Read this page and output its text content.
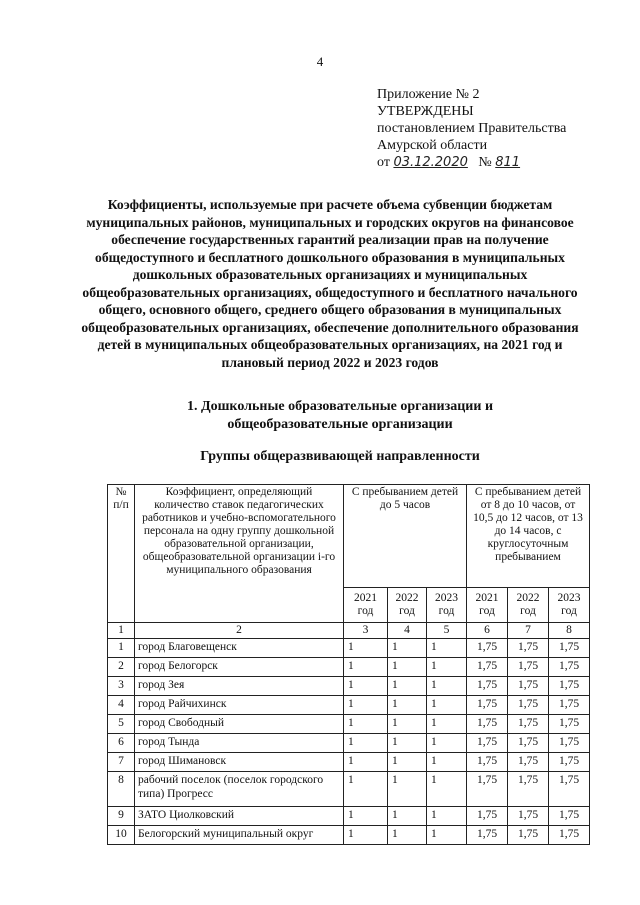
4
Приложение № 2
УТВЕРЖДЕНЫ
постановлением Правительства
Амурской области
от 03.12.2020 № 811
Коэффициенты, используемые при расчете объема субвенции бюджетам муниципальных районов, муниципальных и городских округов на финансовое обеспечение государственных гарантий реализации прав на получение общедоступного и бесплатного дошкольного образования в муниципальных дошкольных образовательных организациях и муниципальных общеобразовательных организациях, общедоступного и бесплатного начального общего, основного общего, среднего общего образования в муниципальных общеобразовательных организациях, обеспечение дополнительного образования детей в муниципальных общеобразовательных организациях, на 2021 год и плановый период 2022 и 2023 годов
1. Дошкольные образовательные организации и общеобразовательные организации
Группы общеразвивающей направленности
№ п/п	Коэффициент, определяющий количество ставок педагогических работников и учебно-вспомогательного персонала на одну группу дошкольной образовательной организации, общеобразовательной организации i-го муниципального образования	С пребыванием детей до 5 часов			С пребыванием детей от 8 до 10 часов, от 10,5 до 12 часов, от 13 до 14 часов, с круглосуточным пребыванием		
		2021 год	2022 год	2023 год	2021 год	2022 год	2023 год
1	2	3	4	5	6	7	8
1	город Благовещенск	1	1	1	1,75	1,75	1,75
2	город Белогорск	1	1	1	1,75	1,75	1,75
3	город Зея	1	1	1	1,75	1,75	1,75
4	город Райчихинск	1	1	1	1,75	1,75	1,75
5	город Свободный	1	1	1	1,75	1,75	1,75
6	город Тында	1	1	1	1,75	1,75	1,75
7	город Шимановск	1	1	1	1,75	1,75	1,75
8	рабочий поселок (поселок городского типа) Прогресс	1	1	1	1,75	1,75	1,75
9	ЗАТО Циолковский	1	1	1	1,75	1,75	1,75
10	Белогорский муниципальный округ	1	1	1	1,75	1,75	1,75
